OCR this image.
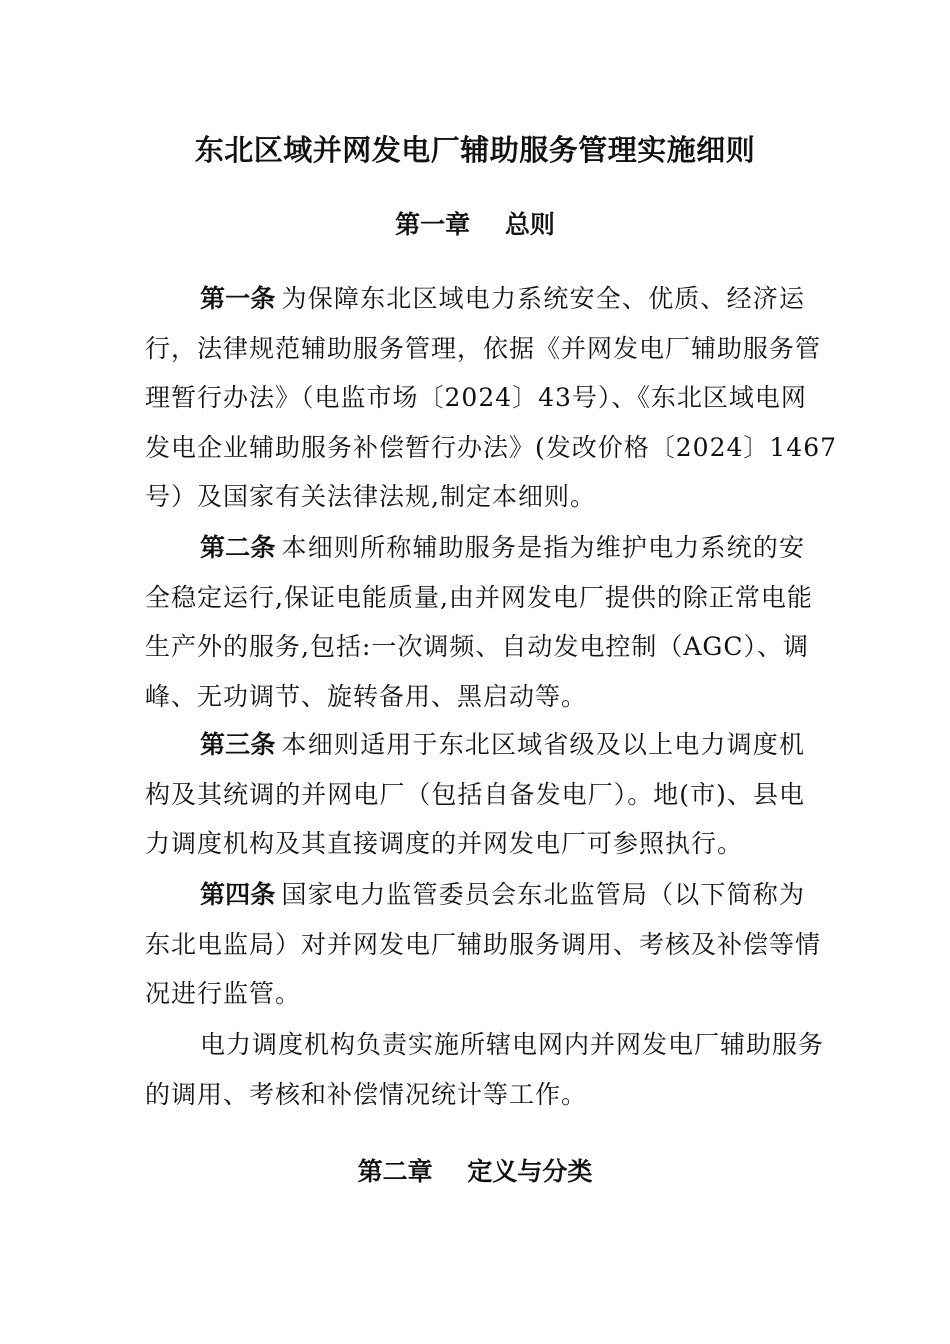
东北区域并网发电厂辅助服务管理实施细则
第一章    总则
第一条 为保障东北区域电力系统安全、优质、经济运
行，法律规范辅助服务管理，依据《并网发电厂辅助服务管
理暂行办法》（电监市场〔2024〕43号）、《东北区域电网
发电企业辅助服务补偿暂行办法》(发改价格〔2024〕1467
号）及国家有关法律法规,制定本细则。
第二条 本细则所称辅助服务是指为维护电力系统的安
全稳定运行,保证电能质量,由并网发电厂提供的除正常电能
生产外的服务,包括:一次调频、自动发电控制（AGC）、调
峰、无功调节、旋转备用、黑启动等。
第三条 本细则适用于东北区域省级及以上电力调度机
构及其统调的并网电厂（包括自备发电厂）。地(市)、县电
力调度机构及其直接调度的并网发电厂可参照执行。
第四条 国家电力监管委员会东北监管局（以下简称为
东北电监局）对并网发电厂辅助服务调用、考核及补偿等情
况进行监管。
电力调度机构负责实施所辖电网内并网发电厂辅助服务
的调用、考核和补偿情况统计等工作。
第二章    定义与分类
